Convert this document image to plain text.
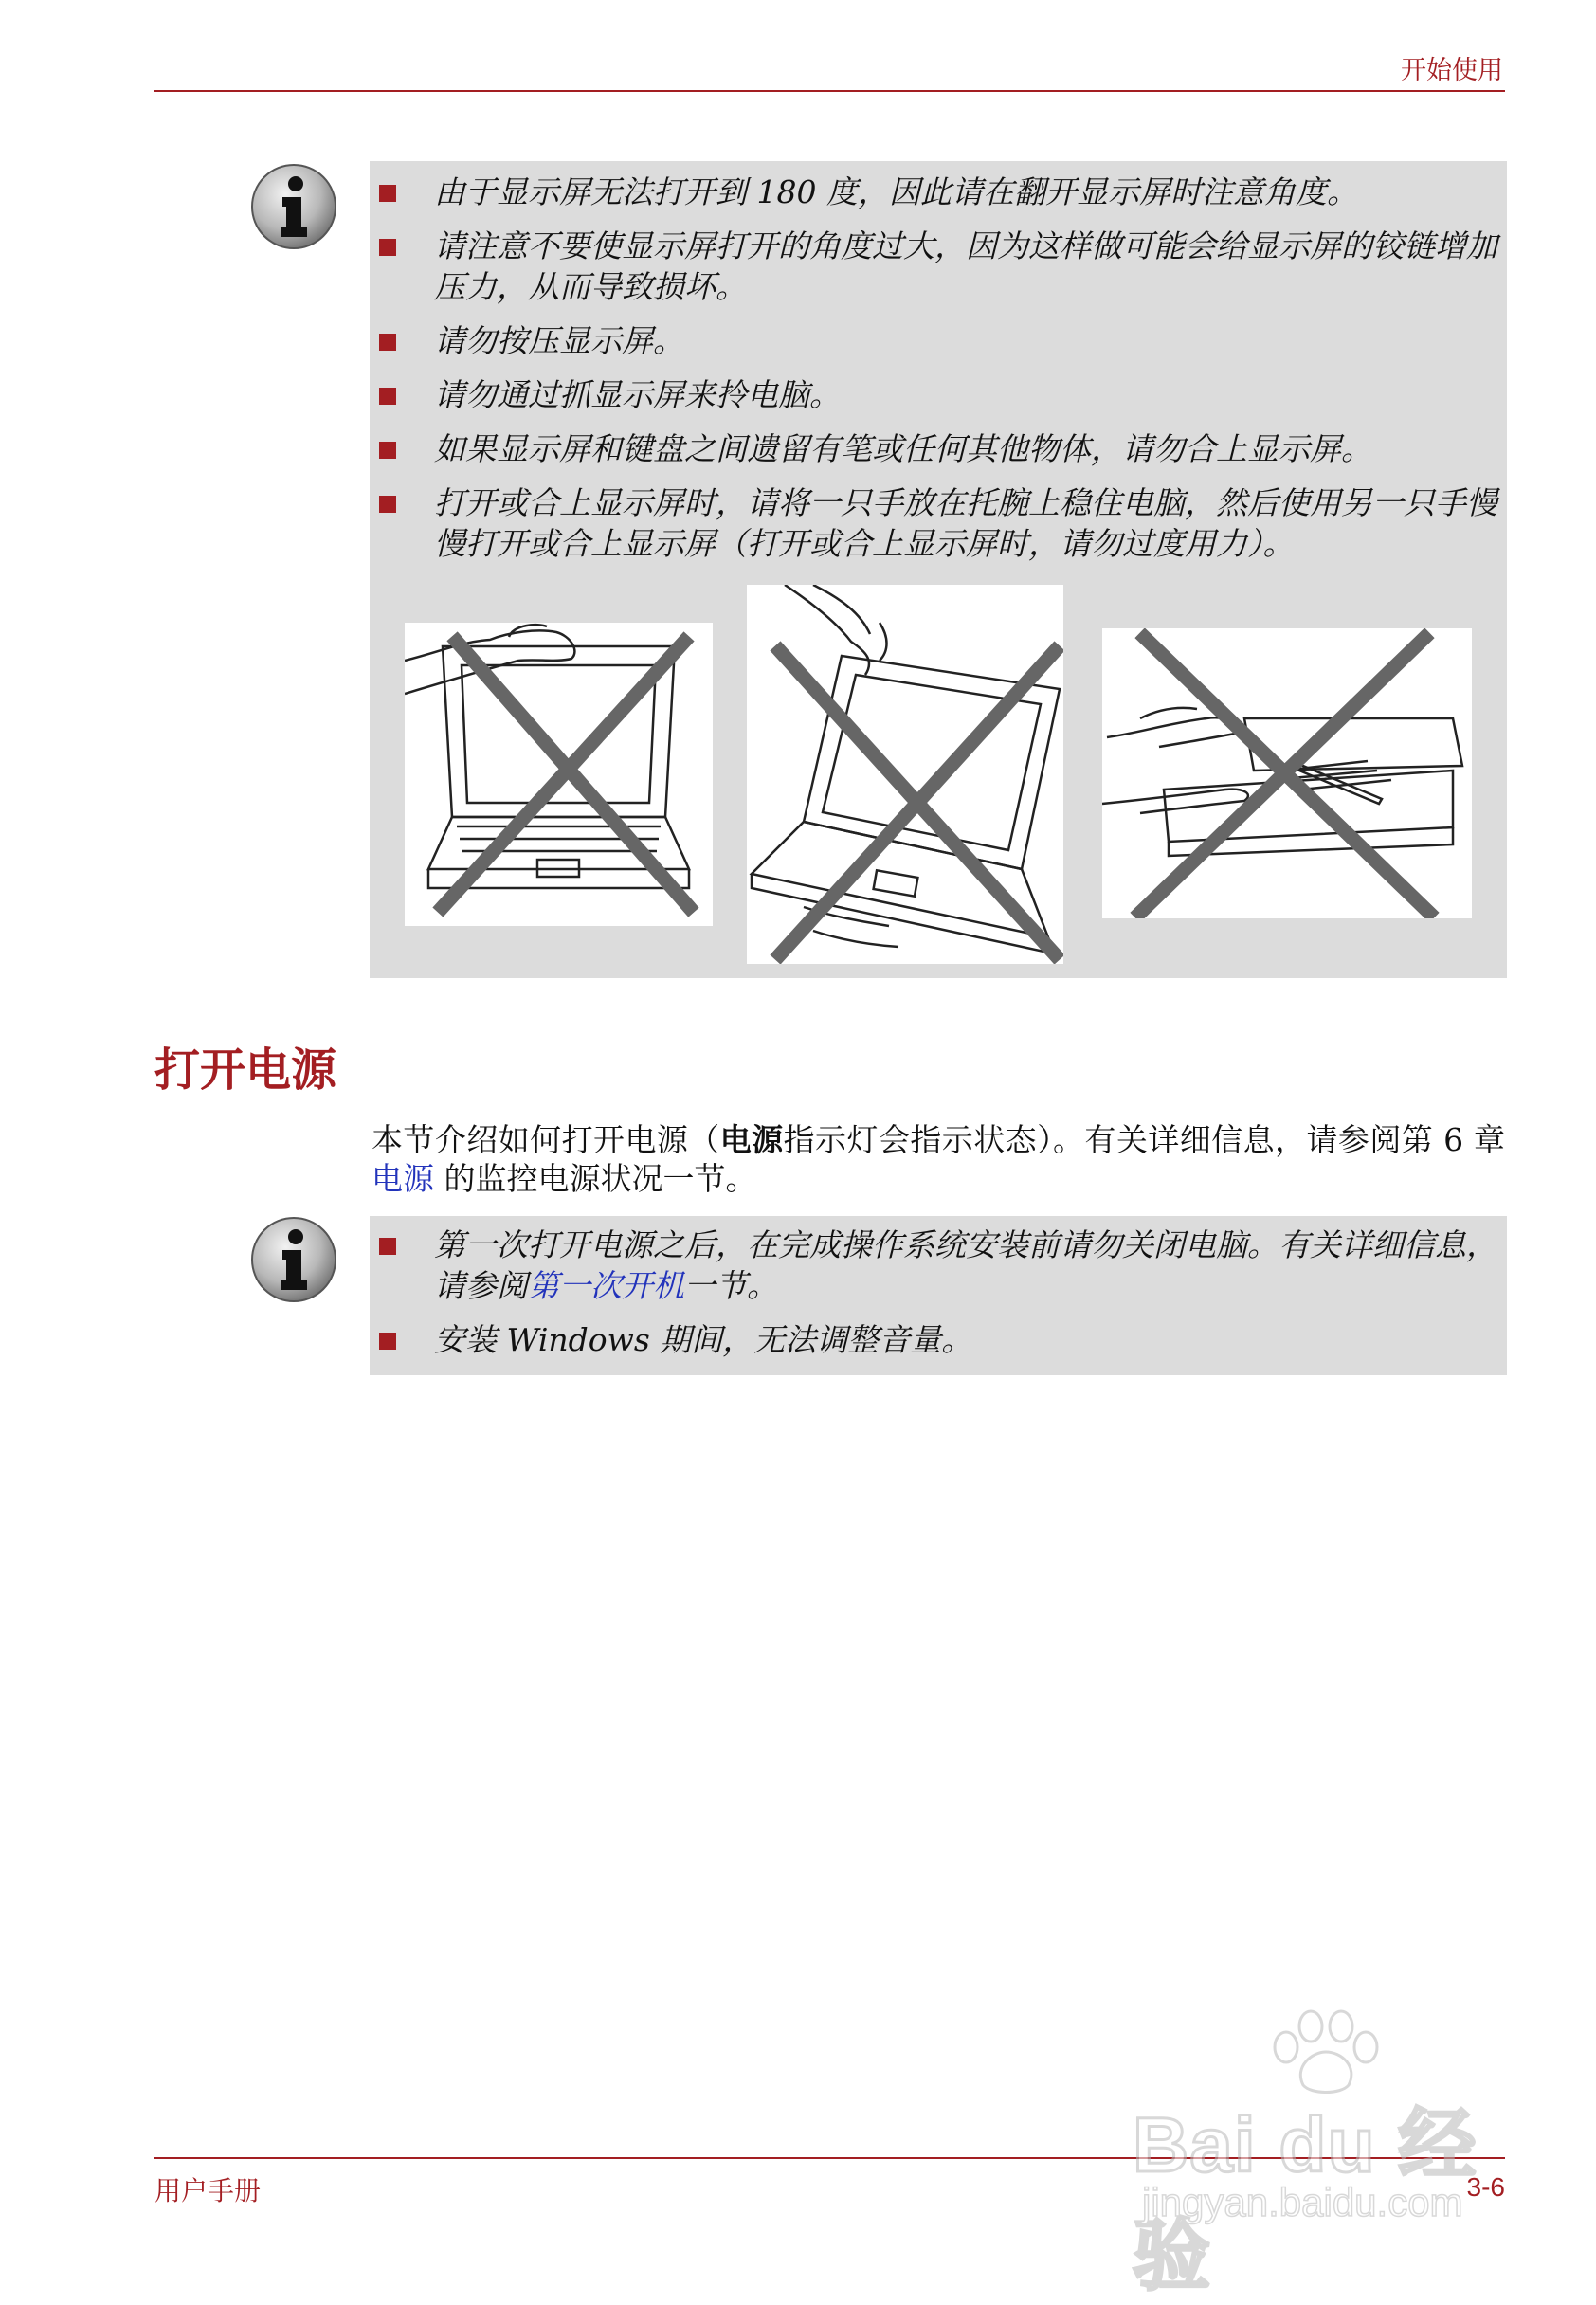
开始使用
由于显示屏无法打开到 180 度，因此请在翻开显示屏时注意角度。
请注意不要使显示屏打开的角度过大，因为这样做可能会给显示屏的铰链增加压力，从而导致损坏。
请勿按压显示屏。
请勿通过抓显示屏来拎电脑。
如果显示屏和键盘之间遗留有笔或任何其他物体，请勿合上显示屏。
打开或合上显示屏时，请将一只手放在托腕上稳住电脑，然后使用另一只手慢慢打开或合上显示屏（打开或合上显示屏时，请勿过度用力）。
打开电源

本节介绍如何打开电源（电源指示灯会指示状态）。有关详细信息，请参阅第 6 章电源 的监控电源状况一节。

第一次打开电源之后，在完成操作系统安装前请勿关闭电脑。有关详细信息，请参阅第一次开机一节。
安装 Windows 期间，无法调整音量。
用户手册	3-6
Bai du 经验
jingyan.baidu.com
